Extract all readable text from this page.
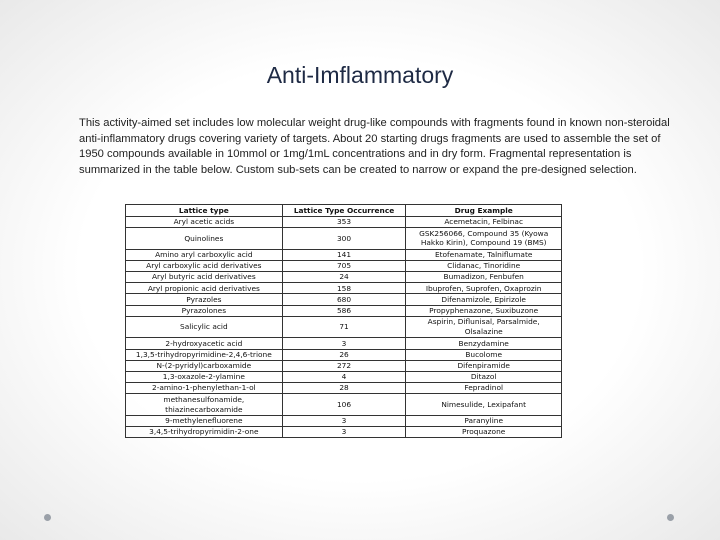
Anti-Imflammatory
This activity-aimed set includes low molecular weight drug-like compounds with fragments found in known non-steroidal anti-inflammatory drugs covering variety of targets. About 20 starting drugs fragments are used to assemble the set of 1950 compounds available in 10mmol or 1mg/1mL concentrations and in dry form. Fragmental representation is summarized in the table below. Custom sub-sets can be created to narrow or expand the pre-designed selection.
Lattice type	Lattice Type Occurrence	Drug Example
Aryl acetic acids	353	Acemetacin, Felbinac
Quinolines	300	GSK256066, Compound 35 (Kyowa Hakko Kirin), Compound 19 (BMS)
Amino aryl carboxylic acid	141	Etofenamate, Talniflumate
Aryl carboxylic acid derivatives	705	Clidanac, Tinoridine
Aryl butyric acid derivatives	24	Bumadizon, Fenbufen
Aryl propionic acid derivatives	158	Ibuprofen, Suprofen, Oxaprozin
Pyrazoles	680	Difenamizole, Epirizole
Pyrazolones	586	Propyphenazone, Suxibuzone
Salicylic acid	71	Aspirin, Diflunisal, Parsalmide, Olsalazine
2-hydroxyacetic acid	3	Benzydamine
1,3,5-trihydropyrimidine-2,4,6-trione	26	Bucolome
N-(2-pyridyl)carboxamide	272	Difenpiramide
1,3-oxazole-2-ylamine	4	Ditazol
2-amino-1-phenylethan-1-ol	28	Fepradinol
methanesulfonamide, thiazinecarboxamide	106	Nimesulide, Lexipafant
9-methylenefluorene	3	Paranyline
3,4,5-trihydropyrimidin-2-one	3	Proquazone
